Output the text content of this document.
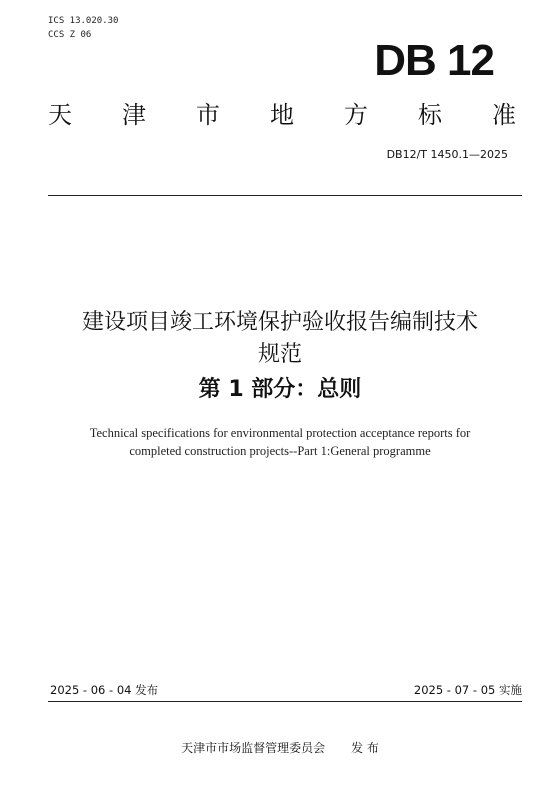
ICS 13.020.30
CCS Z 06
DB 12
天 津 市 地 方 标 准
DB12/T 1450.1—2025
建设项目竣工环境保护验收报告编制技术
规范
第 1 部分：总则
Technical specifications for environmental protection acceptance reports for
completed construction projects--Part 1:General programme
2025 - 06 - 04 发布	2025 - 07 - 05 实施
天津市市场监督管理委员会 发 布
